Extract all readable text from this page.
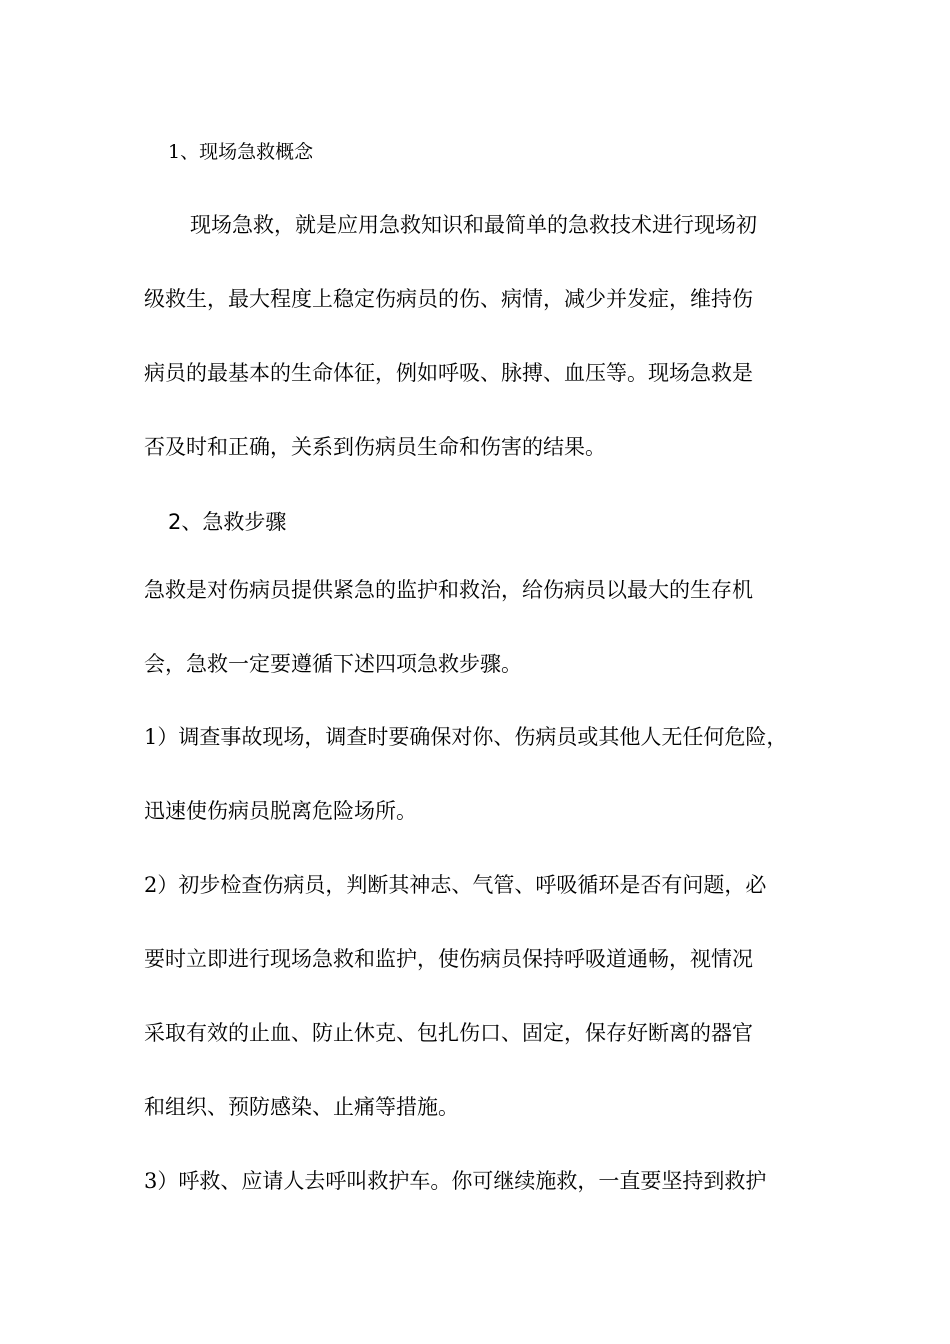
1、现场急救概念
现场急救，就是应用急救知识和最简单的急救技术进行现场初
级救生，最大程度上稳定伤病员的伤、病情，减少并发症，维持伤
病员的最基本的生命体征，例如呼吸、脉搏、血压等。现场急救是
否及时和正确，关系到伤病员生命和伤害的结果。
2、急救步骤
急救是对伤病员提供紧急的监护和救治，给伤病员以最大的生存机
会，急救一定要遵循下述四项急救步骤。
1）调查事故现场，调查时要确保对你、伤病员或其他人无任何危险，
迅速使伤病员脱离危险场所。
2）初步检查伤病员，判断其神志、气管、呼吸循环是否有问题，必
要时立即进行现场急救和监护，使伤病员保持呼吸道通畅，视情况
采取有效的止血、防止休克、包扎伤口、固定，保存好断离的器官
和组织、预防感染、止痛等措施。
3）呼救、应请人去呼叫救护车。你可继续施救，一直要坚持到救护
